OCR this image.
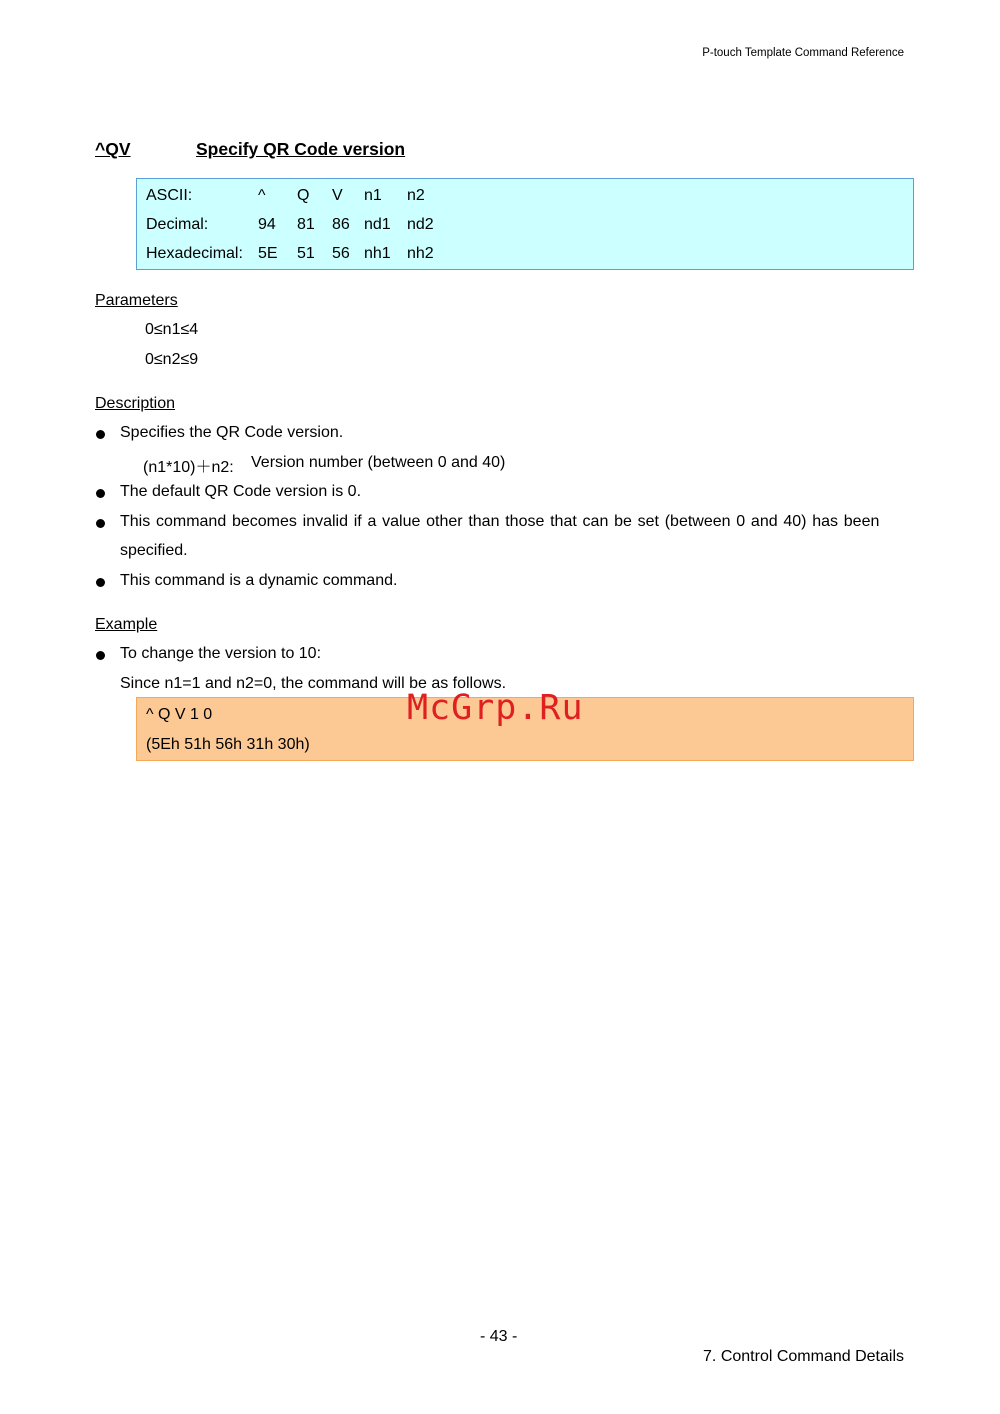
P-touch Template Command Reference
^QV	Specify QR Code version
ASCII:	^ Q V n1 n2
Decimal:	94 81 86 nd1 nd2
Hexadecimal: 5E 51 56 nh1 nh2
Parameters
0≤n1≤4
0≤n2≤9
Description
Specifies the QR Code version.
(n1*10)＋n2: Version number (between 0 and 40)
The default QR Code version is 0.
This command becomes invalid if a value other than those that can be set (between 0 and 40) has been
specified.
This command is a dynamic command.
Example
To change the version to 10:
Since n1=1 and n2=0, the command will be as follows.
^ Q V 1 0
(5Eh 51h 56h 31h 30h)
McGrp.Ru
- 43 -
7. Control Command Details
